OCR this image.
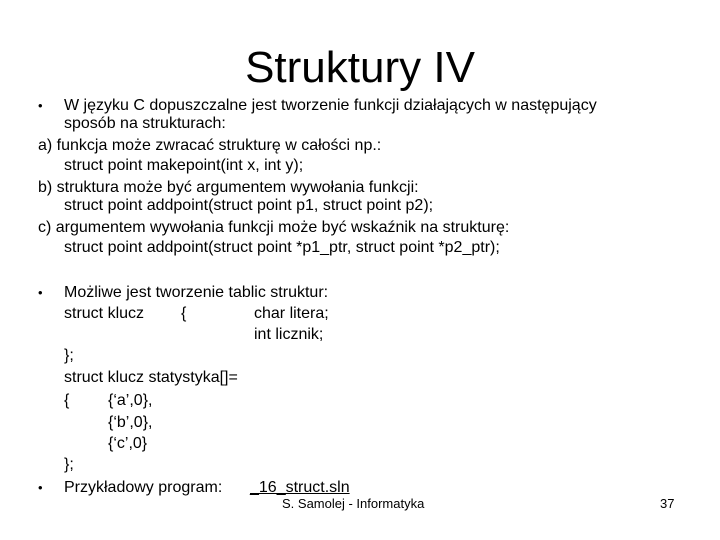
Struktury IV
• W języku C dopuszczalne jest tworzenie funkcji działających w następujący
sposób na strukturach:
a) funkcja może zwracać strukturę w całości np.:
struct point makepoint(int x, int y);
b) struktura może być argumentem wywołania funkcji:
struct point addpoint(struct point p1, struct point p2);
c) argumentem wywołania funkcji może być wskaźnik na strukturę:
struct point addpoint(struct point *p1_ptr, struct point *p2_ptr);
• Możliwe jest tworzenie tablic struktur:
struct klucz {	char litera;
int licznik;
};
struct klucz statystyka[]=
{ {‘a’,0},
{‘b’,0},
{‘c’,0}
};
• Przykładowy program: _16_struct.sln
S. Samolej - Informatyka	37
